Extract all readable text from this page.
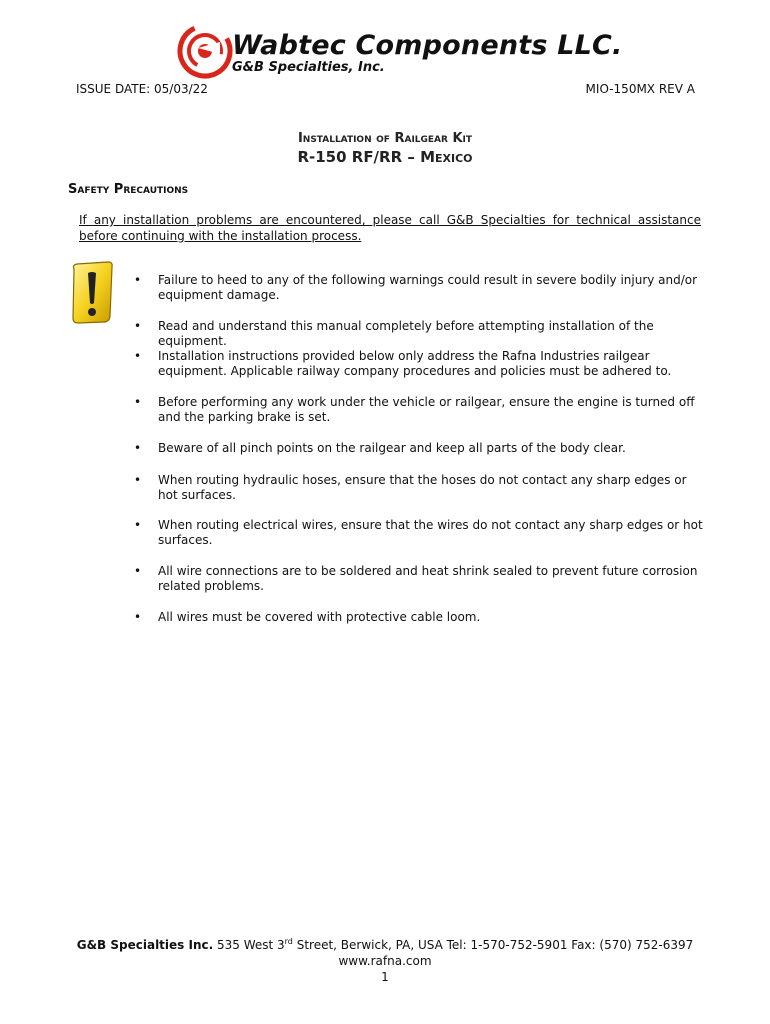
Wabtec Components LLC.
G&B Specialties, Inc.
ISSUE DATE: 05/03/22	MIO-150MX REV A
Installation of Railgear Kit
R-150 RF/RR – Mexico
Safety Precautions
If any installation problems are encountered, please call G&B Specialties for technical assistance before continuing with the installation process.
• Failure to heed to any of the following warnings could result in severe bodily injury and/or equipment damage.
• Read and understand this manual completely before attempting installation of the equipment.
• Installation instructions provided below only address the Rafna Industries railgear equipment. Applicable railway company procedures and policies must be adhered to.
• Before performing any work under the vehicle or railgear, ensure the engine is turned off and the parking brake is set.
• Beware of all pinch points on the railgear and keep all parts of the body clear.
• When routing hydraulic hoses, ensure that the hoses do not contact any sharp edges or hot surfaces.
• When routing electrical wires, ensure that the wires do not contact any sharp edges or hot surfaces.
• All wire connections are to be soldered and heat shrink sealed to prevent future corrosion related problems.
• All wires must be covered with protective cable loom.
G&B Specialties Inc. 535 West 3rd Street, Berwick, PA, USA Tel: 1-570-752-5901 Fax: (570) 752-6397
www.rafna.com
1
